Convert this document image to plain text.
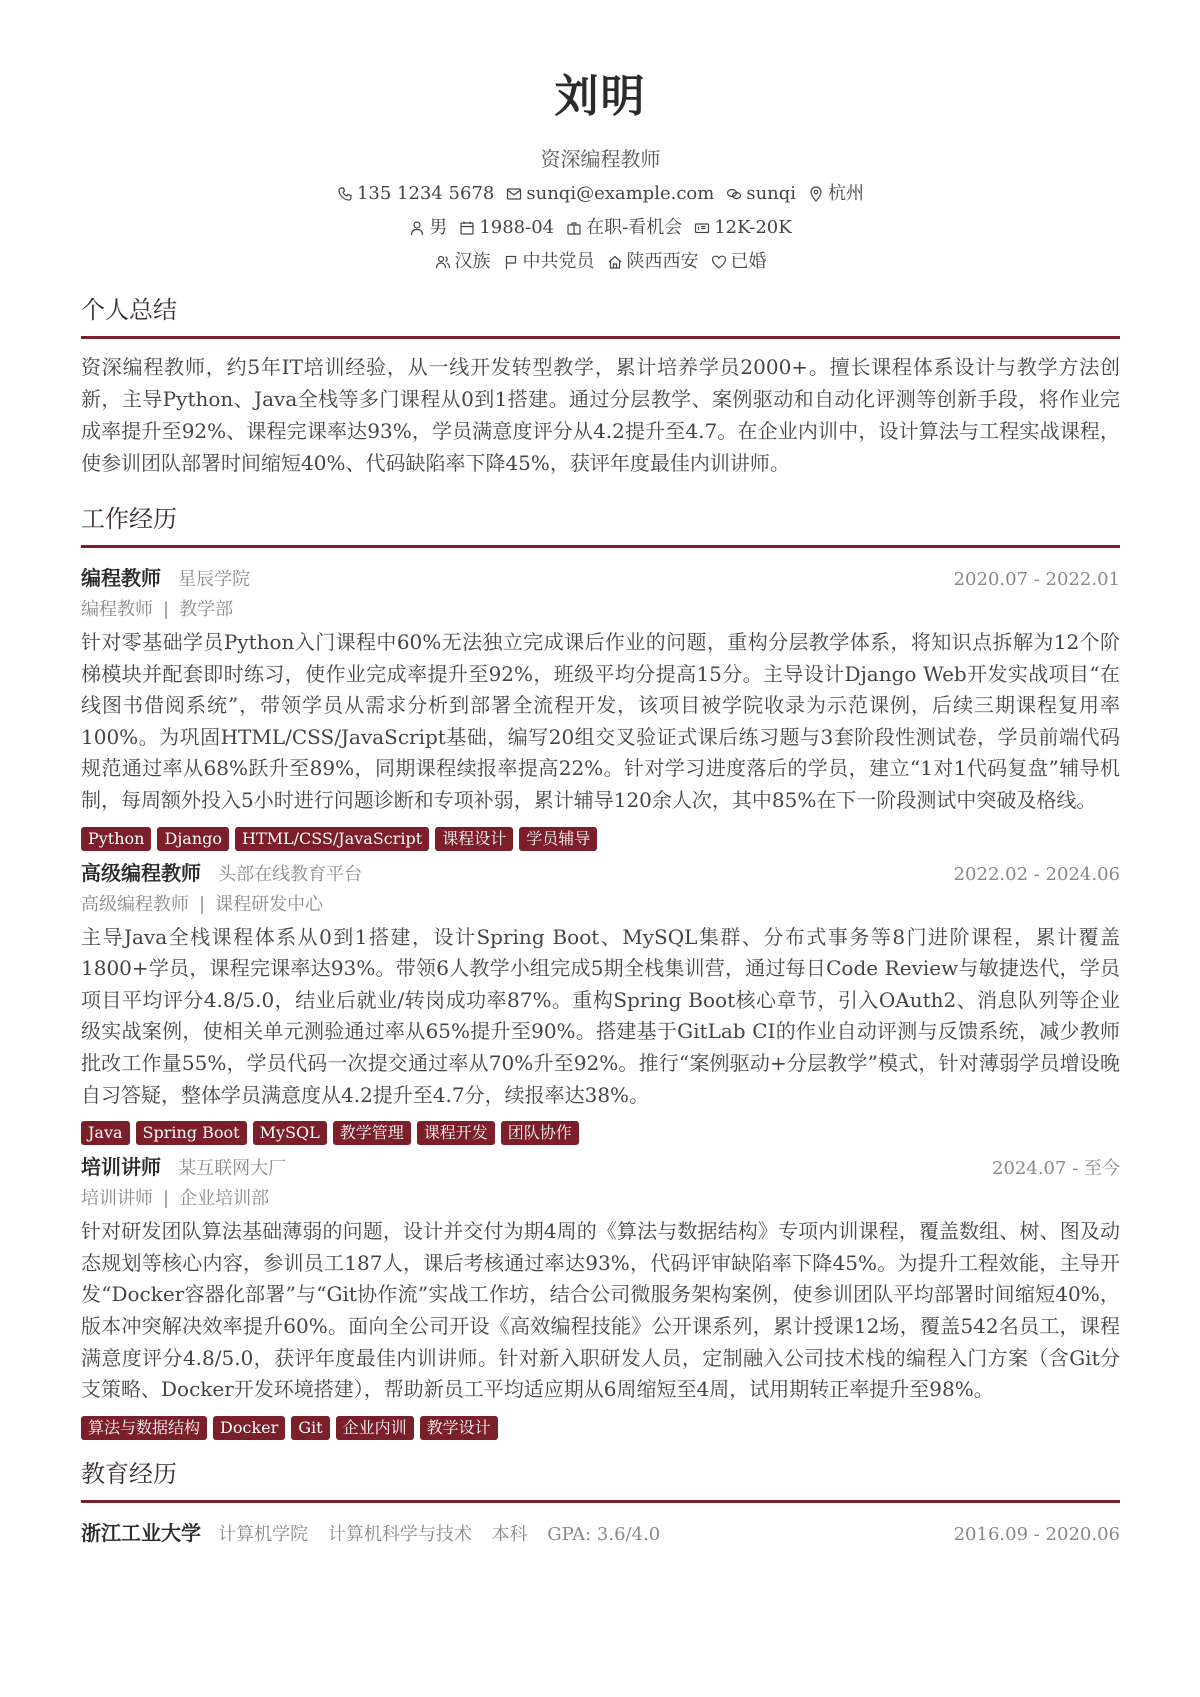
刘明
资深编程教师
135 1234 5678 sunqi@example.com sunqi 杭州
男 1988-04 在职-看机会 12K-20K
汉族 中共党员 陕西西安 已婚
个人总结
资深编程教师，约5年IT培训经验，从一线开发转型教学，累计培养学员2000+。擅长课程体系设计与教学方法创新，主导Python、Java全栈等多门课程从0到1搭建。通过分层教学、案例驱动和自动化评测等创新手段，将作业完成率提升至92%、课程完课率达93%，学员满意度评分从4.2提升至4.7。在企业内训中，设计算法与工程实战课程，使参训团队部署时间缩短40%、代码缺陷率下降45%，获评年度最佳内训讲师。
工作经历
编程教师 星辰学院	2020.07 - 2022.01
编程教师 | 教学部
针对零基础学员Python入门课程中60%无法独立完成课后作业的问题，重构分层教学体系，将知识点拆解为12个阶梯模块并配套即时练习，使作业完成率提升至92%，班级平均分提高15分。主导设计Django Web开发实战项目“在线图书借阅系统”，带领学员从需求分析到部署全流程开发，该项目被学院收录为示范课例，后续三期课程复用率100%。为巩固HTML/CSS/JavaScript基础，编写20组交叉验证式课后练习题与3套阶段性测试卷，学员前端代码规范通过率从68%跃升至89%，同期课程续报率提高22%。针对学习进度落后的学员，建立“1对1代码复盘”辅导机制，每周额外投入5小时进行问题诊断和专项补弱，累计辅导120余人次，其中85%在下一阶段测试中突破及格线。
Python	Django	HTML/CSS/JavaScript	课程设计	学员辅导
高级编程教师 头部在线教育平台	2022.02 - 2024.06
高级编程教师 | 课程研发中心
主导Java全栈课程体系从0到1搭建，设计Spring Boot、MySQL集群、分布式事务等8门进阶课程，累计覆盖1800+学员，课程完课率达93%。带领6人教学小组完成5期全栈集训营，通过每日Code Review与敏捷迭代，学员项目平均评分4.8/5.0，结业后就业/转岗成功率87%。重构Spring Boot核心章节，引入OAuth2、消息队列等企业级实战案例，使相关单元测验通过率从65%提升至90%。搭建基于GitLab CI的作业自动评测与反馈系统，减少教师批改工作量55%，学员代码一次提交通过率从70%升至92%。推行“案例驱动+分层教学”模式，针对薄弱学员增设晚自习答疑，整体学员满意度从4.2提升至4.7分，续报率达38%。
Java	Spring Boot	MySQL	教学管理	课程开发	团队协作
培训讲师 某互联网大厂	2024.07 - 至今
培训讲师 | 企业培训部
针对研发团队算法基础薄弱的问题，设计并交付为期4周的《算法与数据结构》专项内训课程，覆盖数组、树、图及动态规划等核心内容，参训员工187人，课后考核通过率达93%，代码评审缺陷率下降45%。为提升工程效能，主导开发“Docker容器化部署”与“Git协作流”实战工作坊，结合公司微服务架构案例，使参训团队平均部署时间缩短40%，版本冲突解决效率提升60%。面向全公司开设《高效编程技能》公开课系列，累计授课12场，覆盖542名员工，课程满意度评分4.8/5.0，获评年度最佳内训讲师。针对新入职研发人员，定制融入公司技术栈的编程入门方案（含Git分支策略、Docker开发环境搭建），帮助新员工平均适应期从6周缩短至4周，试用期转正率提升至98%。
算法与数据结构	Docker	Git	企业内训	教学设计
教育经历
浙江工业大学 计算机学院 计算机科学与技术 本科 GPA: 3.6/4.0	2016.09 - 2020.06
